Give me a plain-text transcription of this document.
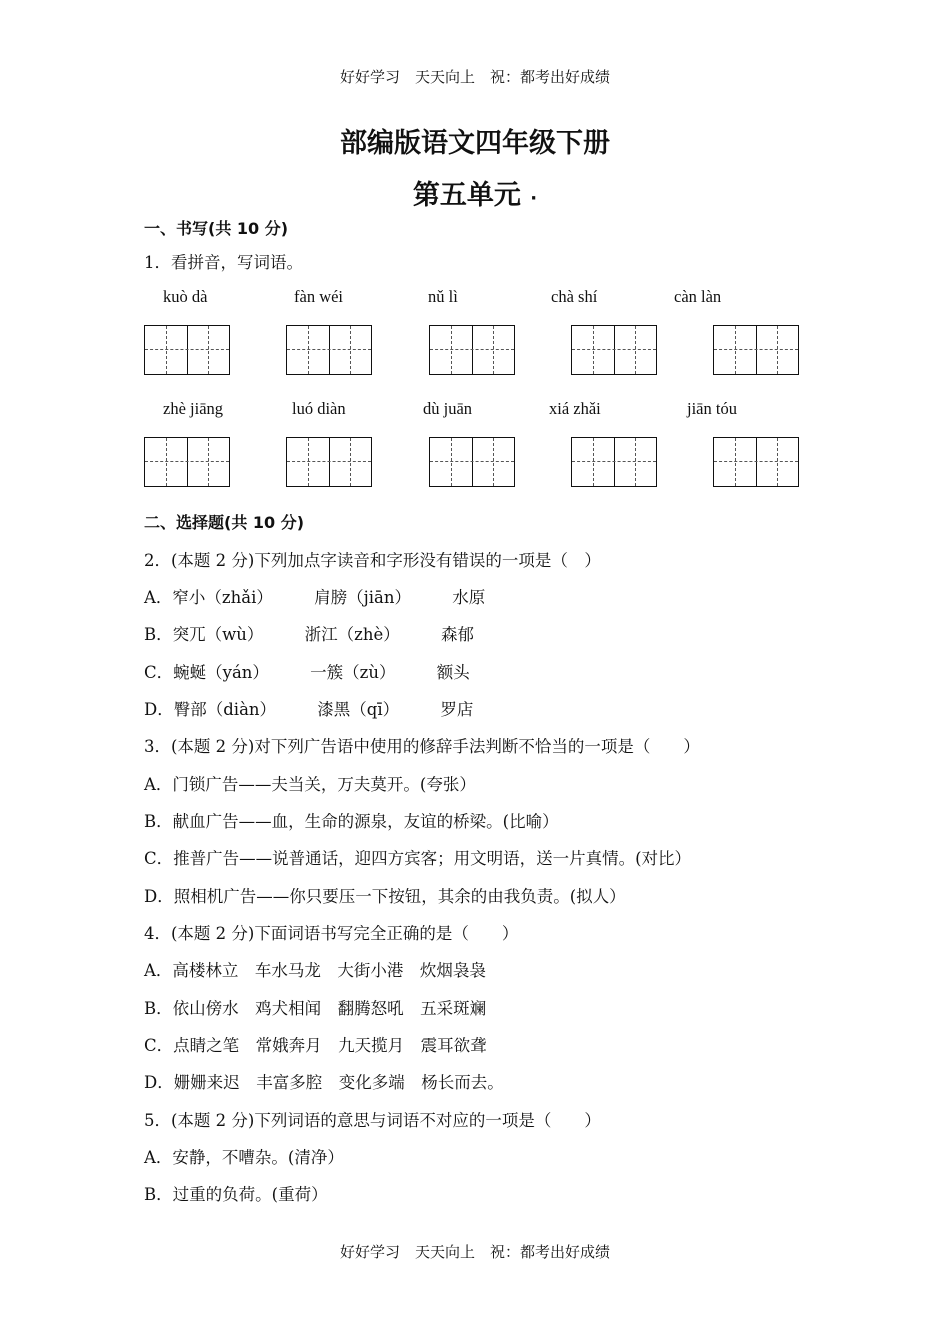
好好学习　天天向上　祝：都考出好成绩
部编版语文四年级下册
第五单元 ·
一、书写(共 10 分)
1．看拼音，写词语。
kuò dà	fàn wéi	nǔ lì	chà shí	càn làn
zhè jiāng	luó diàn	dù juān	xiá zhǎi	jiān tóu
二、选择题(共 10 分)
2．(本题 2 分)下列加点字读音和字形没有错误的一项是（　）
A．窄小（zhǎi）　　　肩膀（jiān）　　　水原
B．突兀（wù）　　　浙江（zhè）　　　森郁
C．蜿蜒（yán）　　　一簇（zù）　　　额头
D．臀部（diàn）　　　漆黑（qī）　　　罗店
3．(本题 2 分)对下列广告语中使用的修辞手法判断不恰当的一项是（　　）
A．门锁广告——夫当关，万夫莫开。(夸张）
B．献血广告——血，生命的源泉，友谊的桥梁。(比喻）
C．推普广告——说普通话，迎四方宾客；用文明语，送一片真情。(对比）
D．照相机广告——你只要压一下按钮，其余的由我负责。(拟人）
4．(本题 2 分)下面词语书写完全正确的是（　　）
A．高楼林立　车水马龙　大街小港　炊烟袅袅
B．依山傍水　鸡犬相闻　翻腾怒吼　五采斑斓
C．点睛之笔　常娥奔月　九天揽月　震耳欲聋
D．姗姗来迟　丰富多腔　变化多端　杨长而去。
5．(本题 2 分)下列词语的意思与词语不对应的一项是（　　）
A．安静，不嘈杂。(清净）
B．过重的负荷。(重荷）
好好学习　天天向上　祝：都考出好成绩
